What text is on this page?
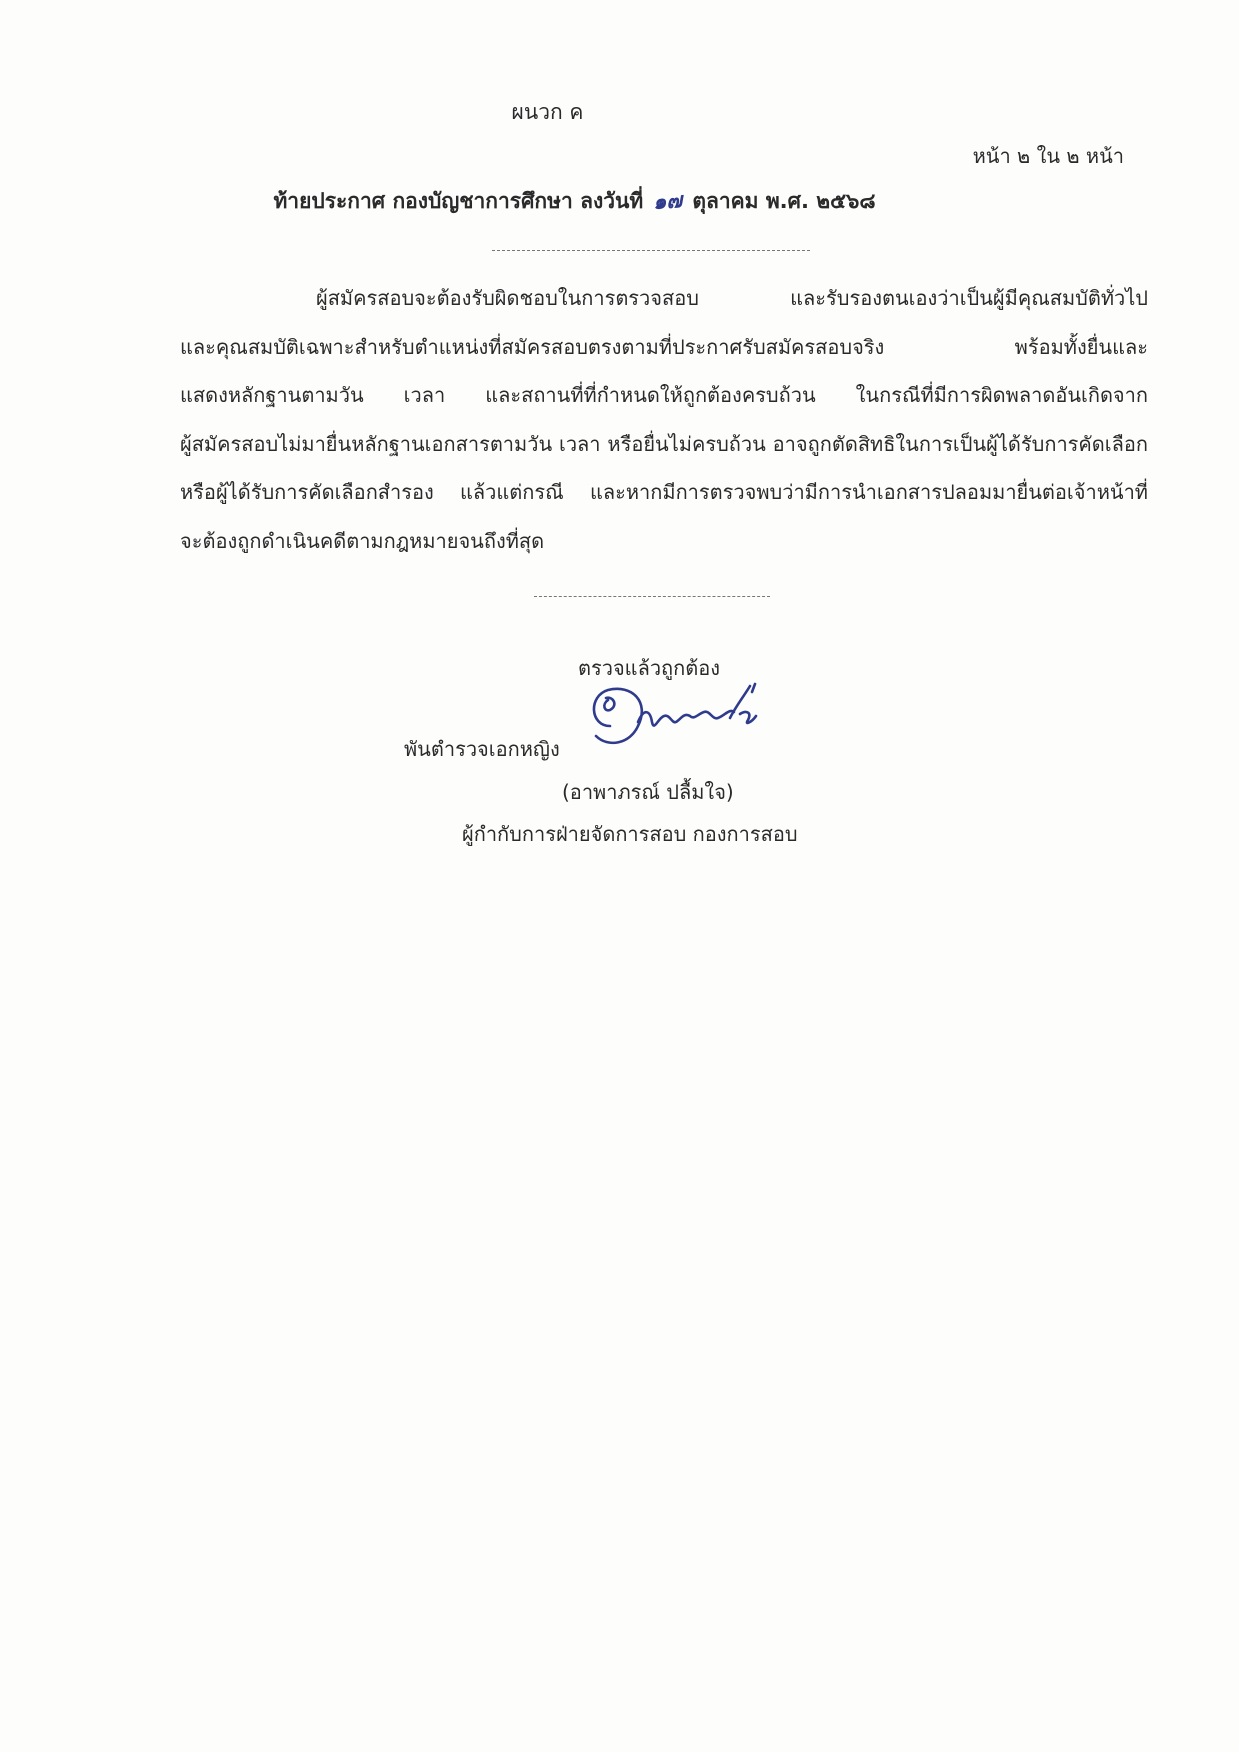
ผนวก ค
หน้า ๒ ใน ๒ หน้า
ท้ายประกาศ กองบัญชาการศึกษา ลงวันที่ ๑๗ ตุลาคม พ.ศ. ๒๕๖๘
ผู้สมัครสอบจะต้องรับผิดชอบในการตรวจสอบ และรับรองตนเองว่าเป็นผู้มีคุณสมบัติทั่วไป
และคุณสมบัติเฉพาะสำหรับตำแหน่งที่สมัครสอบตรงตามที่ประกาศรับสมัครสอบจริง พร้อมทั้งยื่นและ
แสดงหลักฐานตามวัน เวลา และสถานที่ที่กำหนดให้ถูกต้องครบถ้วน ในกรณีที่มีการผิดพลาดอันเกิดจาก
ผู้สมัครสอบไม่มายื่นหลักฐานเอกสารตามวัน เวลา หรือยื่นไม่ครบถ้วน อาจถูกตัดสิทธิในการเป็นผู้ได้รับการคัดเลือก
หรือผู้ได้รับการคัดเลือกสำรอง แล้วแต่กรณี และหากมีการตรวจพบว่ามีการนำเอกสารปลอมมายื่นต่อเจ้าหน้าที่
จะต้องถูกดำเนินคดีตามกฎหมายจนถึงที่สุด
ตรวจแล้วถูกต้อง
พันตำรวจเอกหญิง
(อาพาภรณ์ ปลื้มใจ)
ผู้กำกับการฝ่ายจัดการสอบ กองการสอบ
